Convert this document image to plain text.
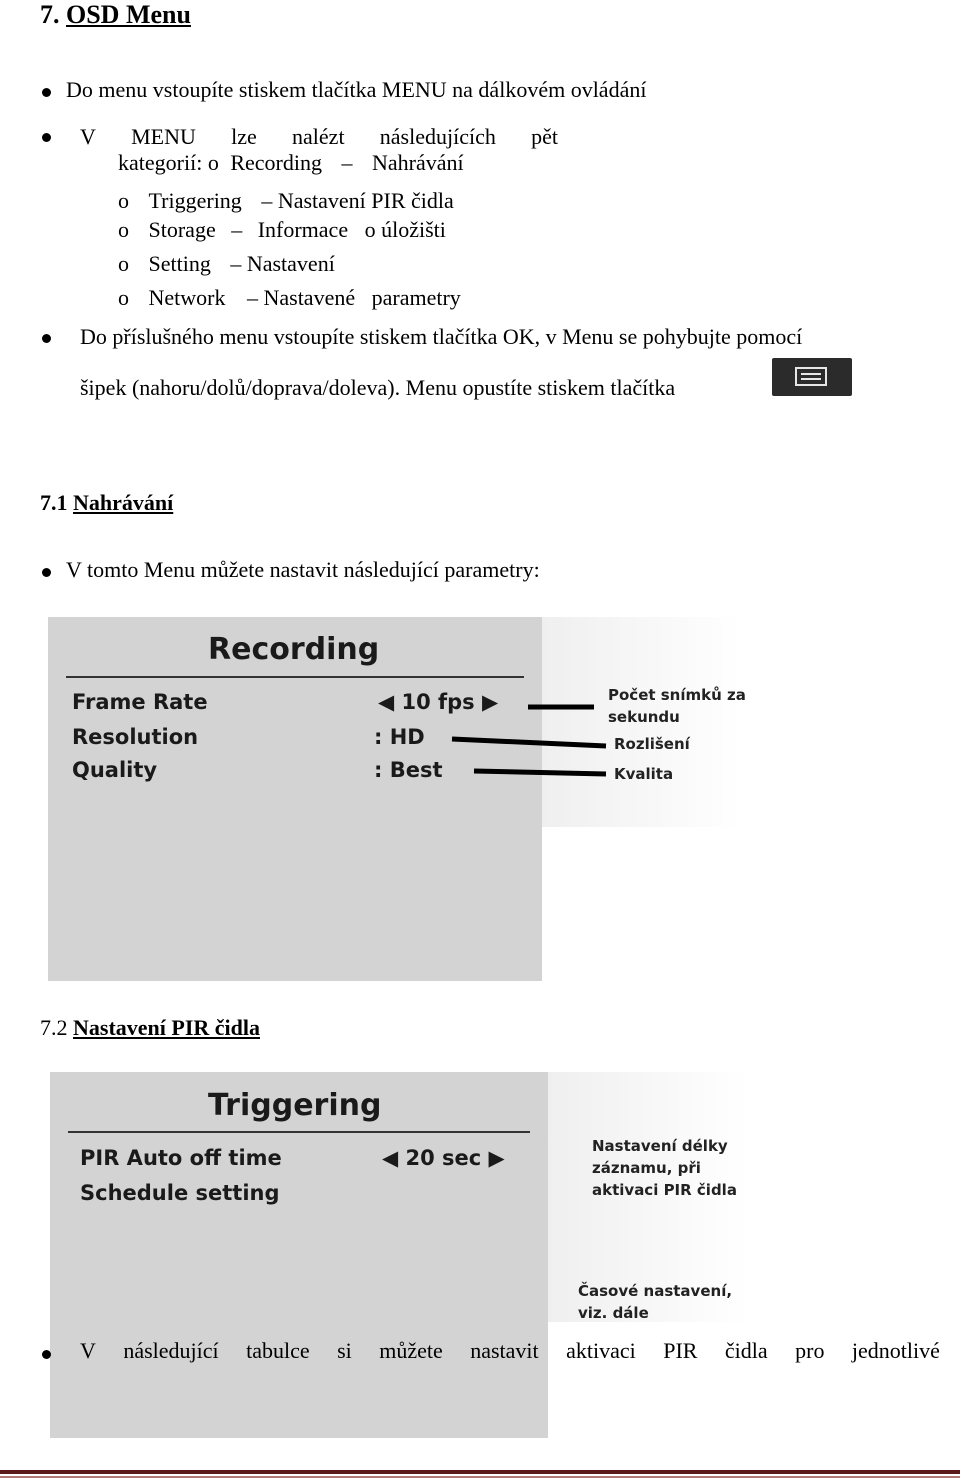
7. OSD Menu
Do menu vstoupíte stiskem tlačítka MENU na dálkovém ovládání
V MENU lze nalézt následujících pět
kategorií: o Recording – Nahrávání
o Triggering – Nastavení PIR čidla
o Storage – Informace   o úložišti
o Setting – Nastavení
o Network – Nastavené   parametry
Do příslušného menu vstoupíte stiskem tlačítka OK, v Menu se pohybujte pomocí
šipek (nahoru/dolů/doprava/doleva). Menu opustíte stiskem tlačítka
7.1 Nahrávání
V tomto Menu můžete nastavit následující parametry:
Recording
Frame Rate	◀ 10 fps ▶
Resolution	: HD
Quality	: Best
Počet snímků za
sekundu
Rozlišení
Kvalita
7.2 Nastavení PIR čidla
Triggering
PIR Auto off time	◀ 20 sec ▶
Schedule setting
Nastavení délky
záznamu, při
aktivaci PIR čidla
Časové nastavení,
viz. dále
V následující tabulce si můžete nastavit aktivaci PIR čidla pro jednotlivé
